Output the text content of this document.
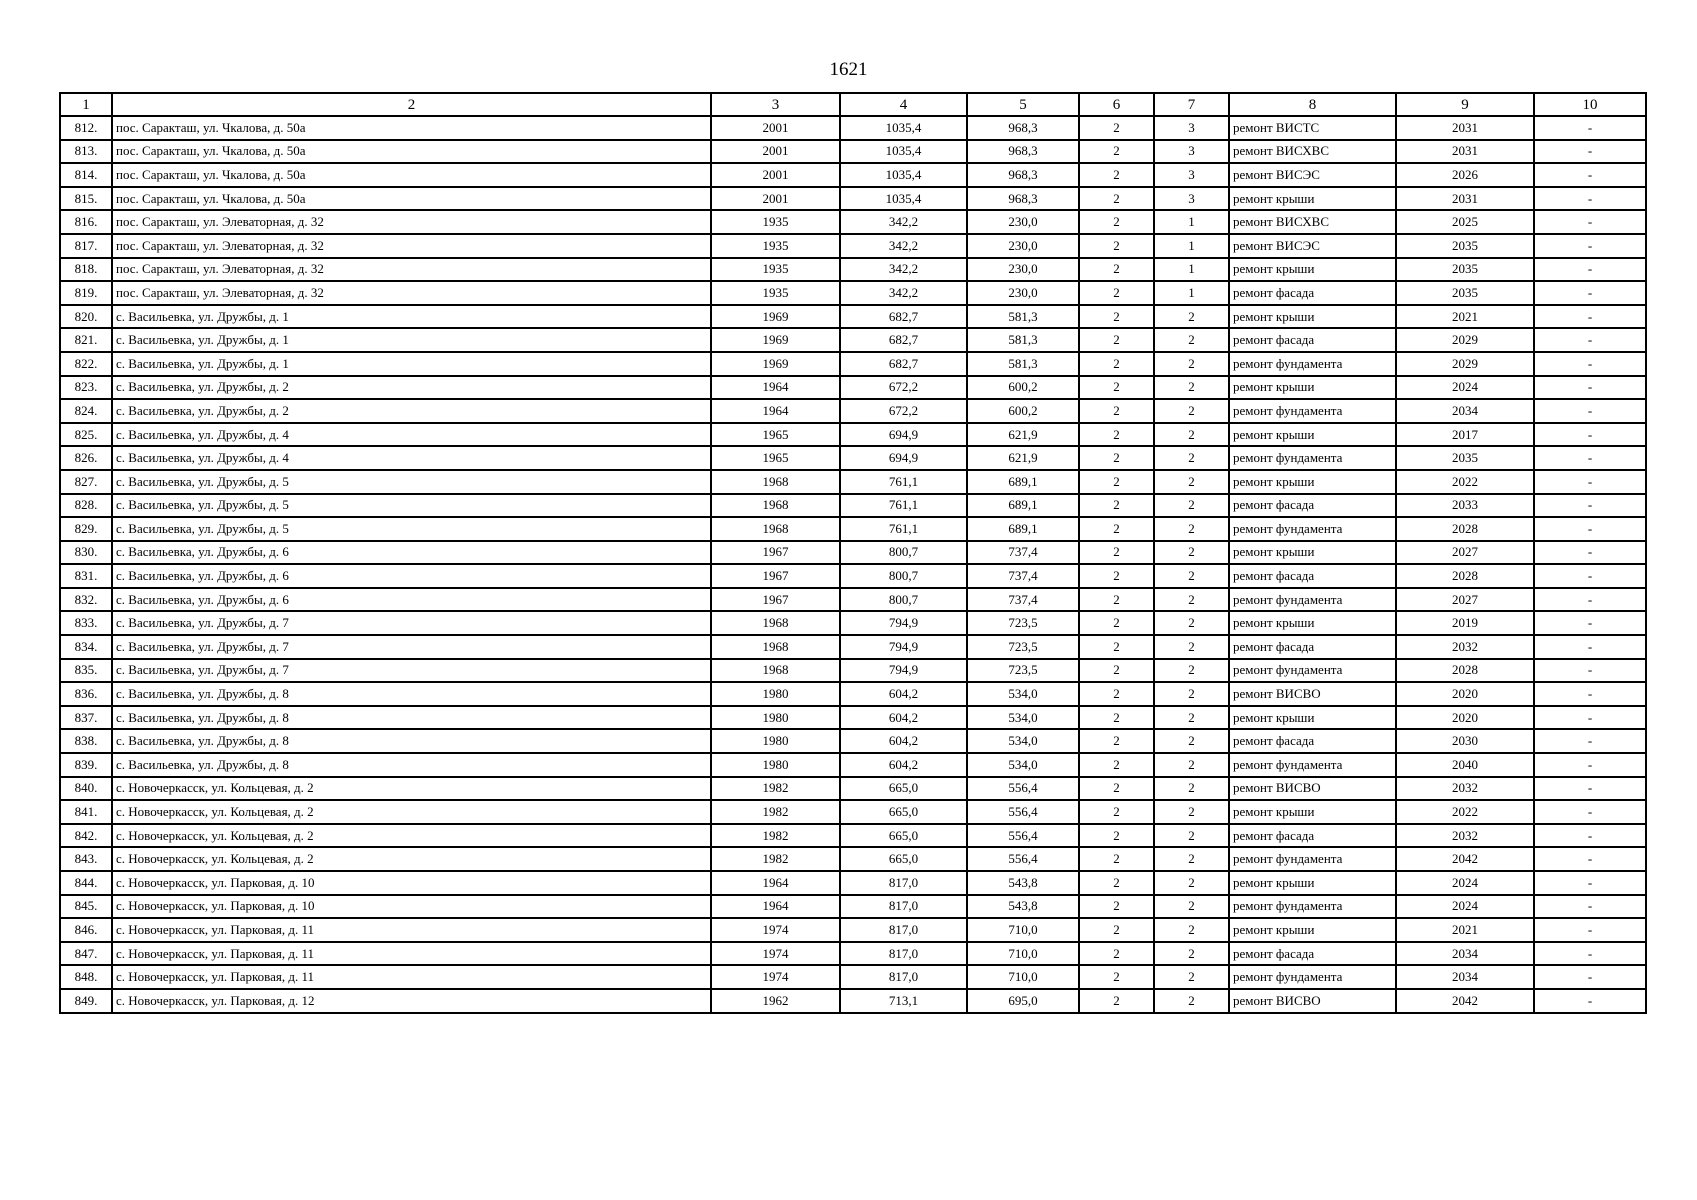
1621
1	2	3	4	5	6	7	8	9	10
812.	пос. Саракташ, ул. Чкалова, д. 50а	2001	1035,4	968,3	2	3	ремонт ВИСТС	2031	-
813.	пос. Саракташ, ул. Чкалова, д. 50а	2001	1035,4	968,3	2	3	ремонт ВИСХВС	2031	-
814.	пос. Саракташ, ул. Чкалова, д. 50а	2001	1035,4	968,3	2	3	ремонт ВИСЭС	2026	-
815.	пос. Саракташ, ул. Чкалова, д. 50а	2001	1035,4	968,3	2	3	ремонт крыши	2031	-
816.	пос. Саракташ, ул. Элеваторная, д. 32	1935	342,2	230,0	2	1	ремонт ВИСХВС	2025	-
817.	пос. Саракташ, ул. Элеваторная, д. 32	1935	342,2	230,0	2	1	ремонт ВИСЭС	2035	-
818.	пос. Саракташ, ул. Элеваторная, д. 32	1935	342,2	230,0	2	1	ремонт крыши	2035	-
819.	пос. Саракташ, ул. Элеваторная, д. 32	1935	342,2	230,0	2	1	ремонт фасада	2035	-
820.	с. Васильевка, ул. Дружбы, д. 1	1969	682,7	581,3	2	2	ремонт крыши	2021	-
821.	с. Васильевка, ул. Дружбы, д. 1	1969	682,7	581,3	2	2	ремонт фасада	2029	-
822.	с. Васильевка, ул. Дружбы, д. 1	1969	682,7	581,3	2	2	ремонт фундамента	2029	-
823.	с. Васильевка, ул. Дружбы, д. 2	1964	672,2	600,2	2	2	ремонт крыши	2024	-
824.	с. Васильевка, ул. Дружбы, д. 2	1964	672,2	600,2	2	2	ремонт фундамента	2034	-
825.	с. Васильевка, ул. Дружбы, д. 4	1965	694,9	621,9	2	2	ремонт крыши	2017	-
826.	с. Васильевка, ул. Дружбы, д. 4	1965	694,9	621,9	2	2	ремонт фундамента	2035	-
827.	с. Васильевка, ул. Дружбы, д. 5	1968	761,1	689,1	2	2	ремонт крыши	2022	-
828.	с. Васильевка, ул. Дружбы, д. 5	1968	761,1	689,1	2	2	ремонт фасада	2033	-
829.	с. Васильевка, ул. Дружбы, д. 5	1968	761,1	689,1	2	2	ремонт фундамента	2028	-
830.	с. Васильевка, ул. Дружбы, д. 6	1967	800,7	737,4	2	2	ремонт крыши	2027	-
831.	с. Васильевка, ул. Дружбы, д. 6	1967	800,7	737,4	2	2	ремонт фасада	2028	-
832.	с. Васильевка, ул. Дружбы, д. 6	1967	800,7	737,4	2	2	ремонт фундамента	2027	-
833.	с. Васильевка, ул. Дружбы, д. 7	1968	794,9	723,5	2	2	ремонт крыши	2019	-
834.	с. Васильевка, ул. Дружбы, д. 7	1968	794,9	723,5	2	2	ремонт фасада	2032	-
835.	с. Васильевка, ул. Дружбы, д. 7	1968	794,9	723,5	2	2	ремонт фундамента	2028	-
836.	с. Васильевка, ул. Дружбы, д. 8	1980	604,2	534,0	2	2	ремонт ВИСВО	2020	-
837.	с. Васильевка, ул. Дружбы, д. 8	1980	604,2	534,0	2	2	ремонт крыши	2020	-
838.	с. Васильевка, ул. Дружбы, д. 8	1980	604,2	534,0	2	2	ремонт фасада	2030	-
839.	с. Васильевка, ул. Дружбы, д. 8	1980	604,2	534,0	2	2	ремонт фундамента	2040	-
840.	с. Новочеркасск, ул. Кольцевая, д. 2	1982	665,0	556,4	2	2	ремонт ВИСВО	2032	-
841.	с. Новочеркасск, ул. Кольцевая, д. 2	1982	665,0	556,4	2	2	ремонт крыши	2022	-
842.	с. Новочеркасск, ул. Кольцевая, д. 2	1982	665,0	556,4	2	2	ремонт фасада	2032	-
843.	с. Новочеркасск, ул. Кольцевая, д. 2	1982	665,0	556,4	2	2	ремонт фундамента	2042	-
844.	с. Новочеркасск, ул. Парковая, д. 10	1964	817,0	543,8	2	2	ремонт крыши	2024	-
845.	с. Новочеркасск, ул. Парковая, д. 10	1964	817,0	543,8	2	2	ремонт фундамента	2024	-
846.	с. Новочеркасск, ул. Парковая, д. 11	1974	817,0	710,0	2	2	ремонт крыши	2021	-
847.	с. Новочеркасск, ул. Парковая, д. 11	1974	817,0	710,0	2	2	ремонт фасада	2034	-
848.	с. Новочеркасск, ул. Парковая, д. 11	1974	817,0	710,0	2	2	ремонт фундамента	2034	-
849.	с. Новочеркасск, ул. Парковая, д. 12	1962	713,1	695,0	2	2	ремонт ВИСВО	2042	-
